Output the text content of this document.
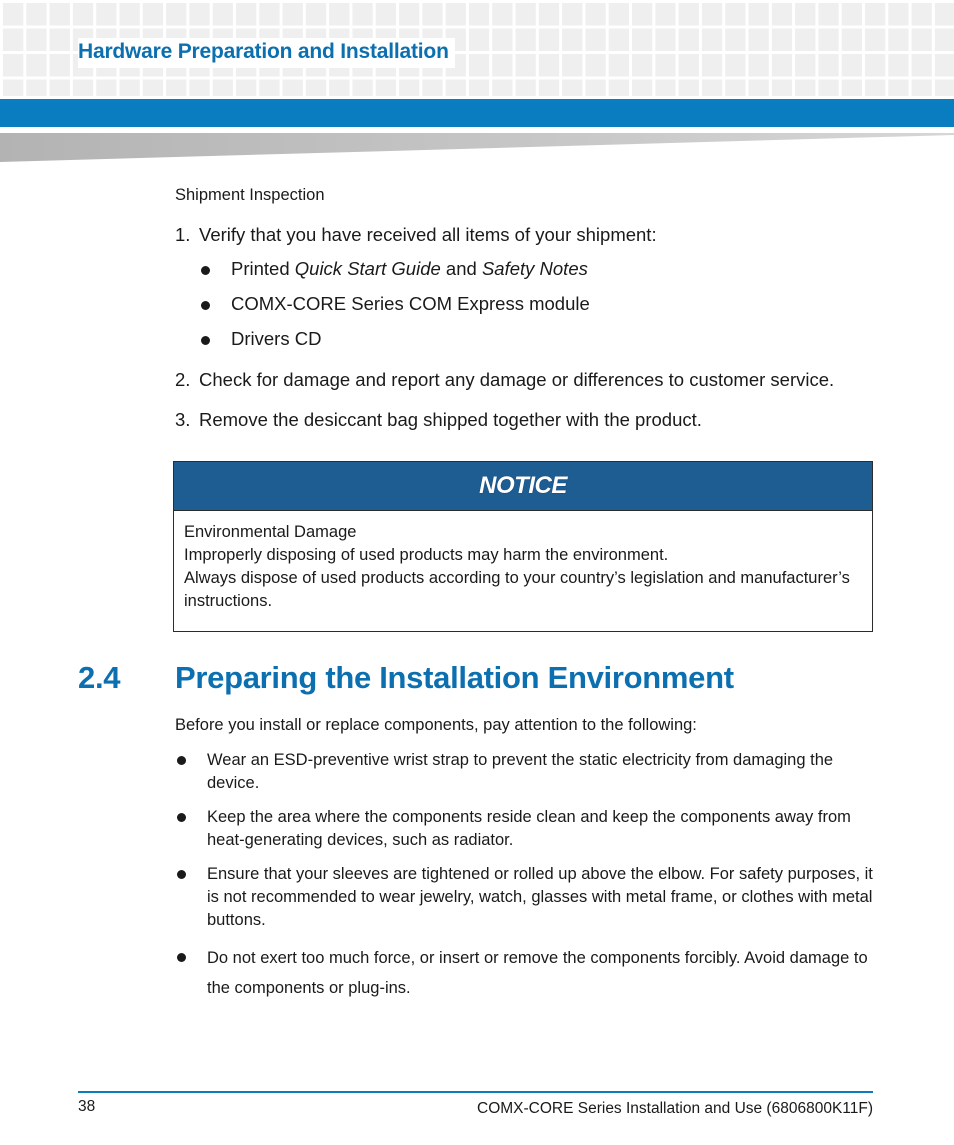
Hardware Preparation and Installation

Shipment Inspection

1. Verify that you have received all items of your shipment:
Printed Quick Start Guide and Safety Notes
COMX-CORE Series COM Express module
Drivers CD
2. Check for damage and report any damage or differences to customer service.
3. Remove the desiccant bag shipped together with the product.
NOTICE

Environmental Damage

Improperly disposing of used products may harm the environment.

Always dispose of used products according to your country’s legislation and manufacturer’s instructions.

2.4 Preparing the Installation Environment

Before you install or replace components, pay attention to the following:

Wear an ESD-preventive wrist strap to prevent the static electricity from damaging the device.
Keep the area where the components reside clean and keep the components away from heat-generating devices, such as radiator.
Ensure that your sleeves are tightened or rolled up above the elbow. For safety purposes, it is not recommended to wear jewelry, watch, glasses with metal frame, or clothes with metal buttons.
Do not exert too much force, or insert or remove the components forcibly. Avoid damage to the components or plug-ins.

38	COMX-CORE Series Installation and Use (6806800K11F)
